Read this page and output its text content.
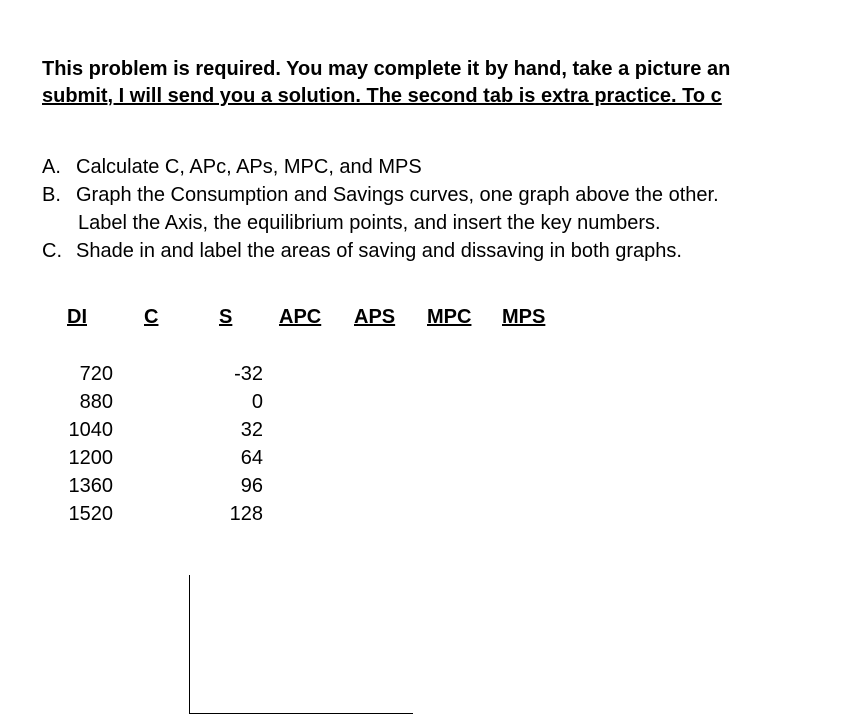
This problem is required. You may complete it by hand, take a picture an
submit, I will send you a solution. The second tab is extra practice. To c
A. Calculate C, APc, APs, MPC, and MPS
B. Graph the Consumption and Savings curves, one graph above the other.
Label the Axis, the equilibrium points, and insert the key numbers.
C. Shade in and label the areas of saving and dissaving in both graphs.
DI	C	S APC APS MPC MPS
720
880
1040
1200
1360
1520
-32
0
32
64
96
128
